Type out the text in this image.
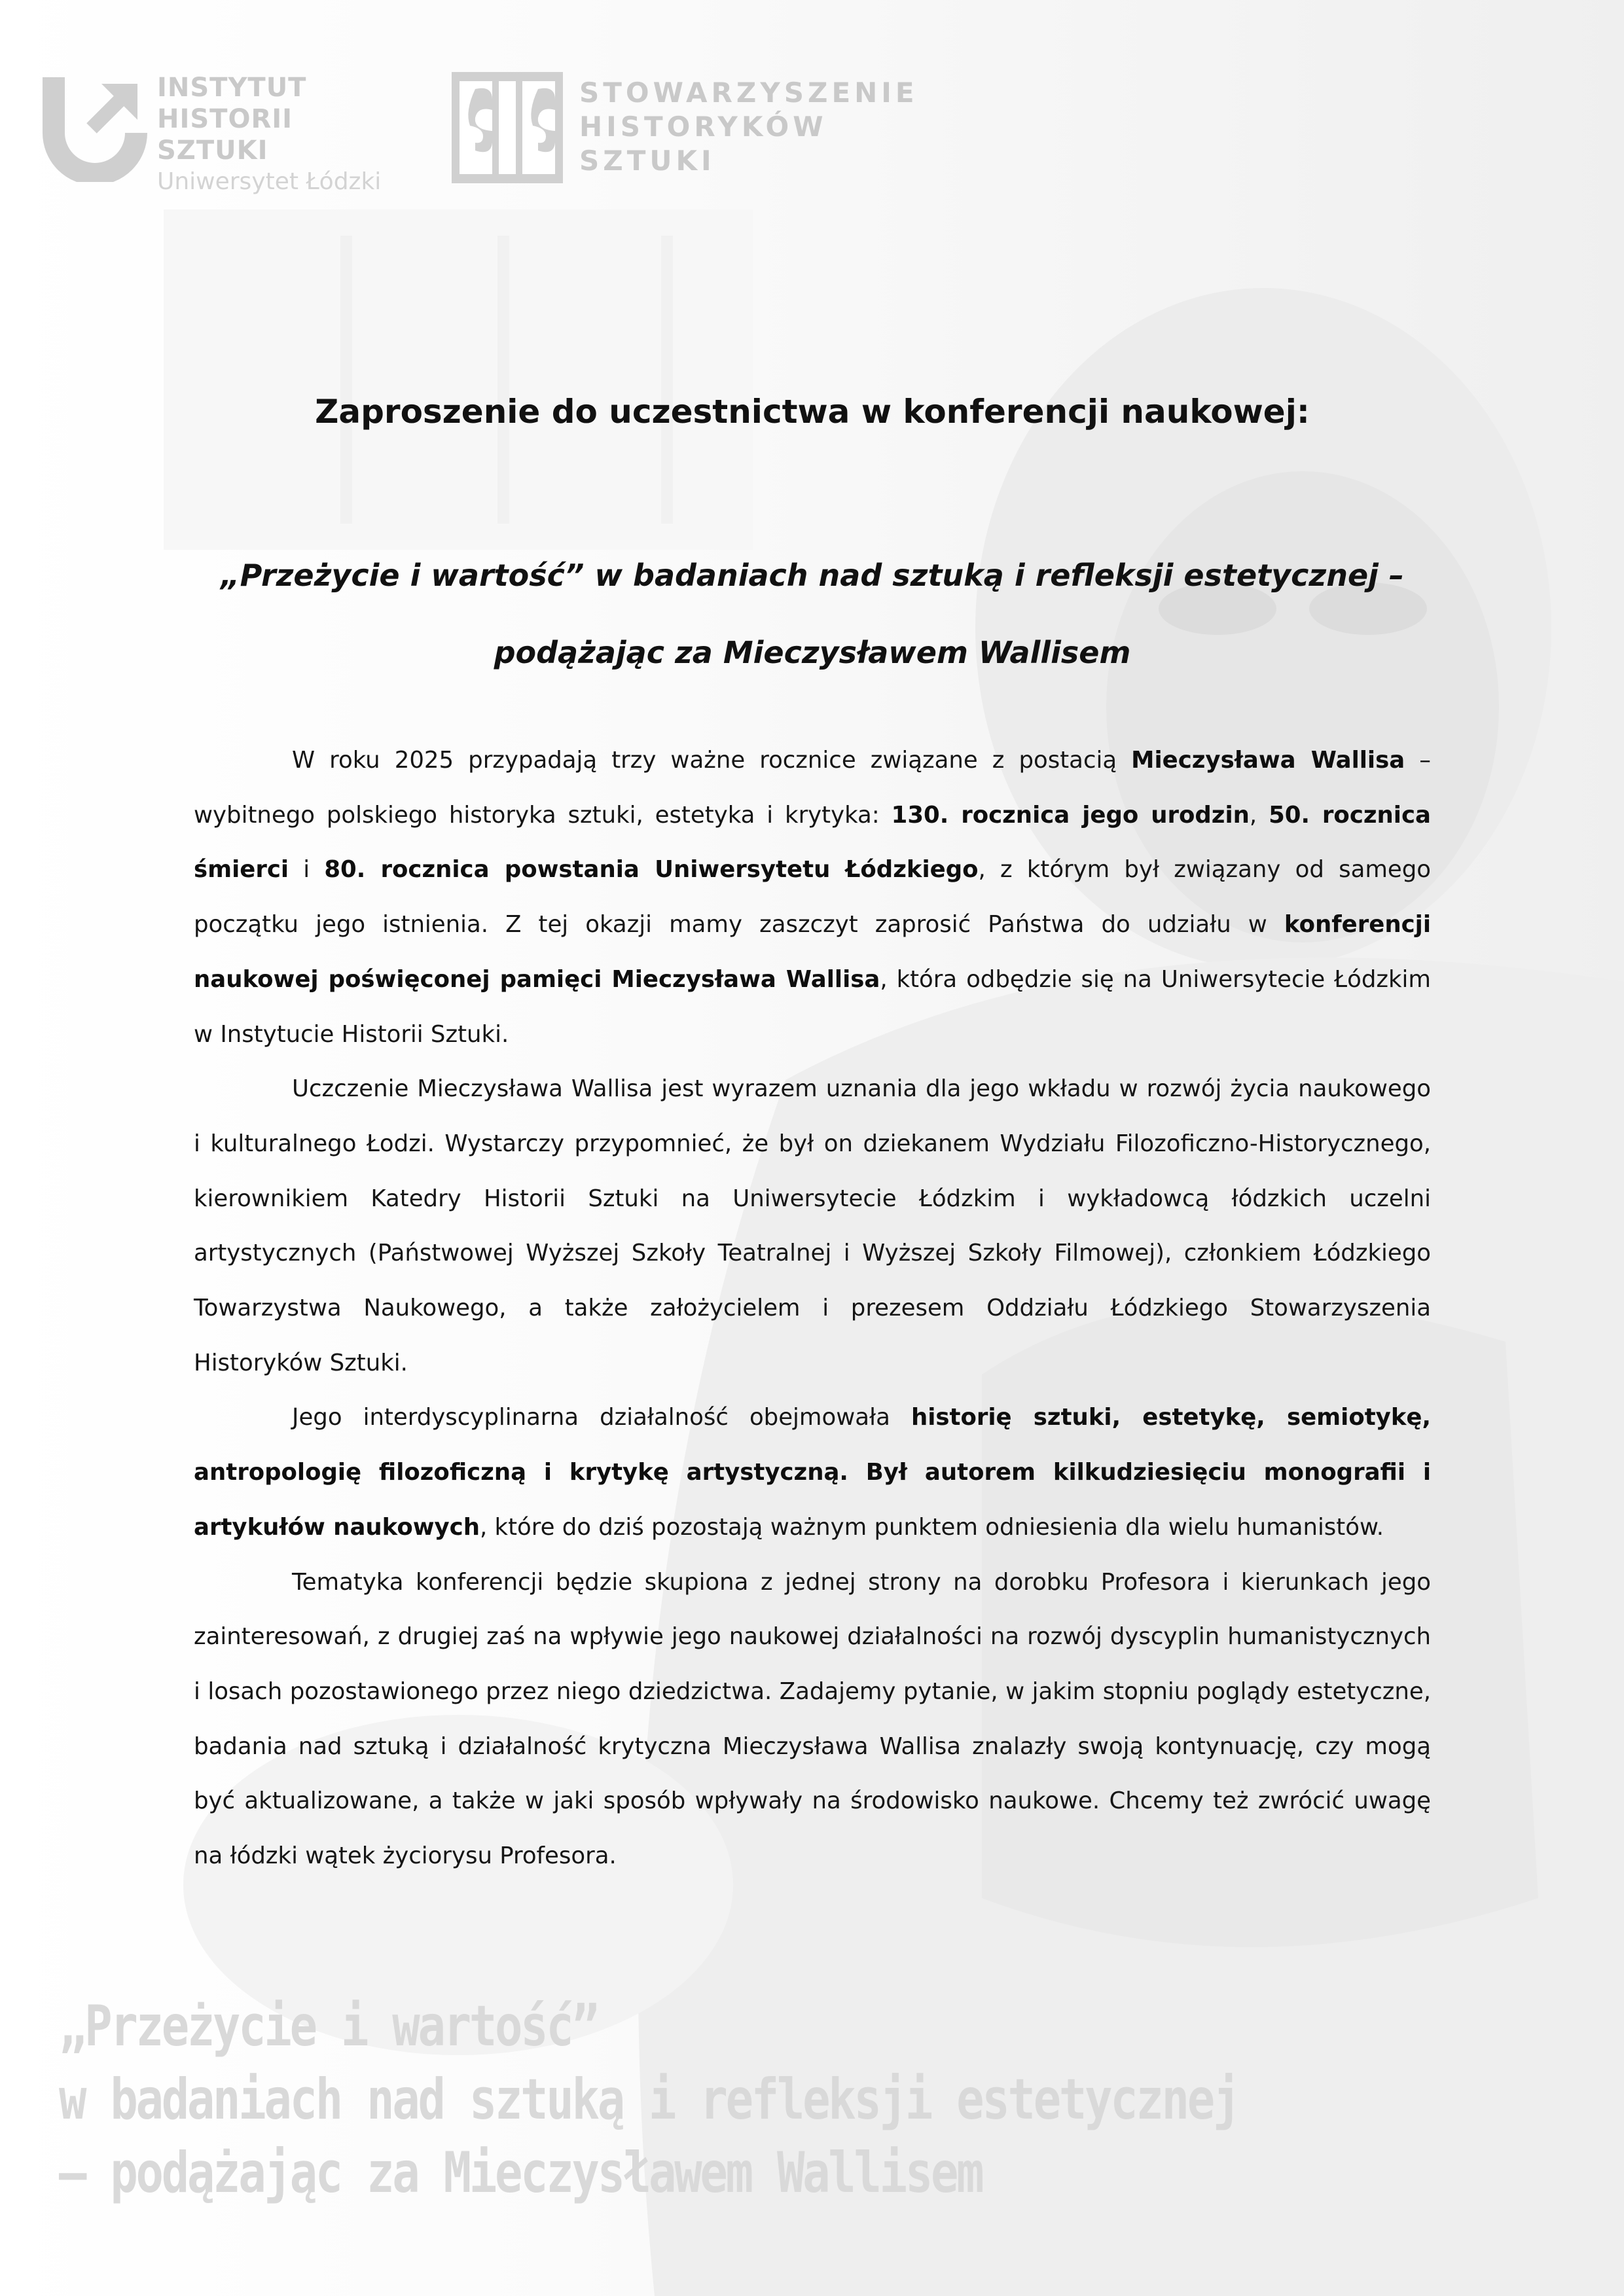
INSTYTUT
HISTORII SZTUKI
Uniwersytet Łódzki
STOWARZYSZENIE
HISTORYKÓW
SZTUKI
Zaproszenie do uczestnictwa w konferencji naukowej:
„Przeżycie i wartość” w badaniach nad sztuką i refleksji estetycznej –
podążając za Mieczysławem Wallisem

W roku 2025 przypadają trzy ważne rocznice związane z postacią Mieczysława Wallisa – wybitnego polskiego historyka sztuki, estetyka i krytyka: 130. rocznica jego urodzin, 50. rocznica śmierci i 80. rocznica powstania Uniwersytetu Łódzkiego, z którym był związany od samego początku jego istnienia. Z tej okazji mamy zaszczyt zaprosić Państwa do udziału w konferencji naukowej poświęconej pamięci Mieczysława Wallisa, która odbędzie się na Uniwersytecie Łódzkim w Instytucie Historii Sztuki.

Uczczenie Mieczysława Wallisa jest wyrazem uznania dla jego wkładu w rozwój życia naukowego i kulturalnego Łodzi. Wystarczy przypomnieć, że był on dziekanem Wydziału Filozoficzno-Historycznego, kierownikiem Katedry Historii Sztuki na Uniwersytecie Łódzkim i wykładowcą łódzkich uczelni artystycznych (Państwowej Wyższej Szkoły Teatralnej i Wyższej Szkoły Filmowej), członkiem Łódzkiego Towarzystwa Naukowego, a także założycielem i prezesem Oddziału Łódzkiego Stowarzyszenia Historyków Sztuki.

Jego interdyscyplinarna działalność obejmowała historię sztuki, estetykę, semiotykę, antropologię filozoficzną i krytykę artystyczną. Był autorem kilkudziesięciu monografii i artykułów naukowych, które do dziś pozostają ważnym punktem odniesienia dla wielu humanistów.

Tematyka konferencji będzie skupiona z jednej strony na dorobku Profesora i kierunkach jego zainteresowań, z drugiej zaś na wpływie jego naukowej działalności na rozwój dyscyplin humanistycznych i losach pozostawionego przez niego dziedzictwa. Zadajemy pytanie, w jakim stopniu poglądy estetyczne, badania nad sztuką i działalność krytyczna Mieczysława Wallisa znalazły swoją kontynuację, czy mogą być aktualizowane, a także w jaki sposób wpływały na środowisko naukowe. Chcemy też zwrócić uwagę na łódzki wątek życiorysu Profesora.

„Przeżycie i wartość”
w badaniach nad sztuką i refleksji estetycznej
– podążając za Mieczysławem Wallisem
